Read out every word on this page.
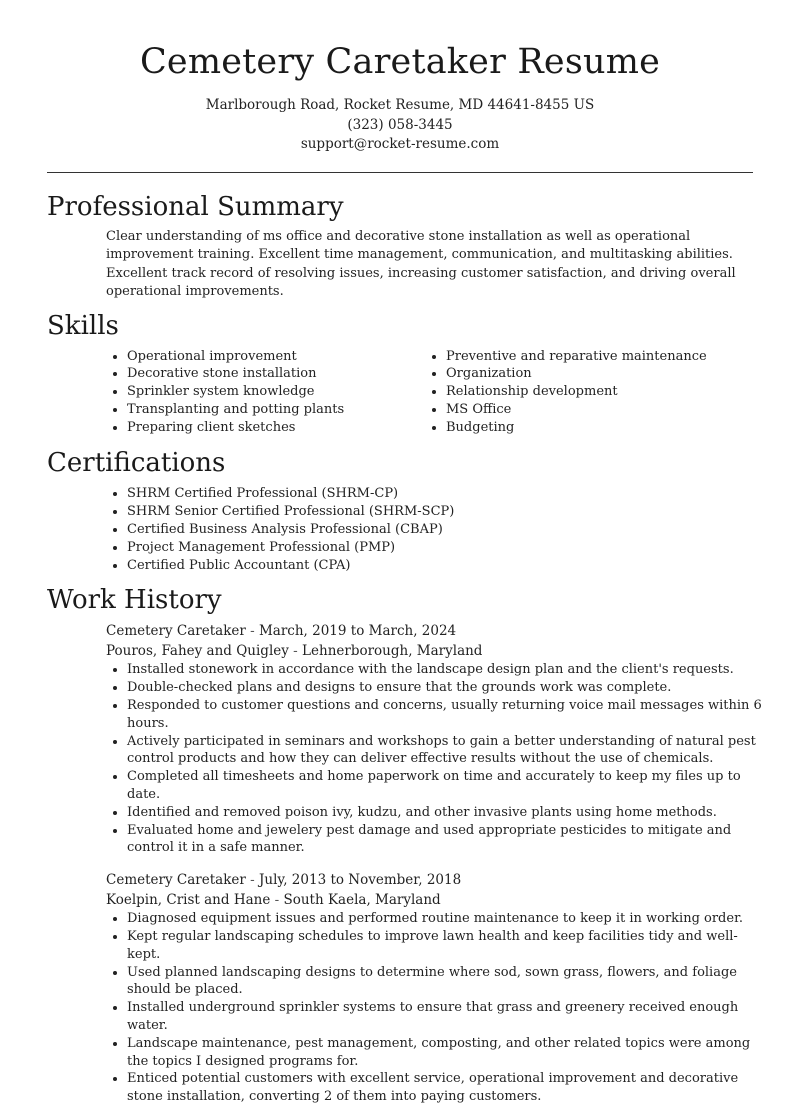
Cemetery Caretaker Resume
Marlborough Road, Rocket Resume, MD 44641-8455 US
(323) 058-3445
support@rocket-resume.com
Professional Summary

Clear understanding of ms office and decorative stone installation as well as operational improvement training. Excellent time management, communication, and multitasking abilities. Excellent track record of resolving issues, increasing customer satisfaction, and driving overall operational improvements.

Skills
• Operational improvement
• Decorative stone installation
• Sprinkler system knowledge
• Transplanting and potting plants
• Preparing client sketches
• Preventive and reparative maintenance
• Organization
• Relationship development
• MS Office
• Budgeting
Certifications
• SHRM Certified Professional (SHRM-CP)
• SHRM Senior Certified Professional (SHRM-SCP)
• Certified Business Analysis Professional (CBAP)
• Project Management Professional (PMP)
• Certified Public Accountant (CPA)
Work History
Cemetery Caretaker - March, 2019 to March, 2024
Pouros, Fahey and Quigley - Lehnerborough, Maryland
• Installed stonework in accordance with the landscape design plan and the client's requests.
• Double-checked plans and designs to ensure that the grounds work was complete.
• Responded to customer questions and concerns, usually returning voice mail messages within 6 hours.
• Actively participated in seminars and workshops to gain a better understanding of natural pest control products and how they can deliver effective results without the use of chemicals.
• Completed all timesheets and home paperwork on time and accurately to keep my files up to date.
• Identified and removed poison ivy, kudzu, and other invasive plants using home methods.
• Evaluated home and jewelery pest damage and used appropriate pesticides to mitigate and control it in a safe manner.
Cemetery Caretaker - July, 2013 to November, 2018
Koelpin, Crist and Hane - South Kaela, Maryland
• Diagnosed equipment issues and performed routine maintenance to keep it in working order.
• Kept regular landscaping schedules to improve lawn health and keep facilities tidy and well-kept.
• Used planned landscaping designs to determine where sod, sown grass, flowers, and foliage should be placed.
• Installed underground sprinkler systems to ensure that grass and greenery received enough water.
• Landscape maintenance, pest management, composting, and other related topics were among the topics I designed programs for.
• Enticed potential customers with excellent service, operational improvement and decorative stone installation, converting 2 of them into paying customers.
